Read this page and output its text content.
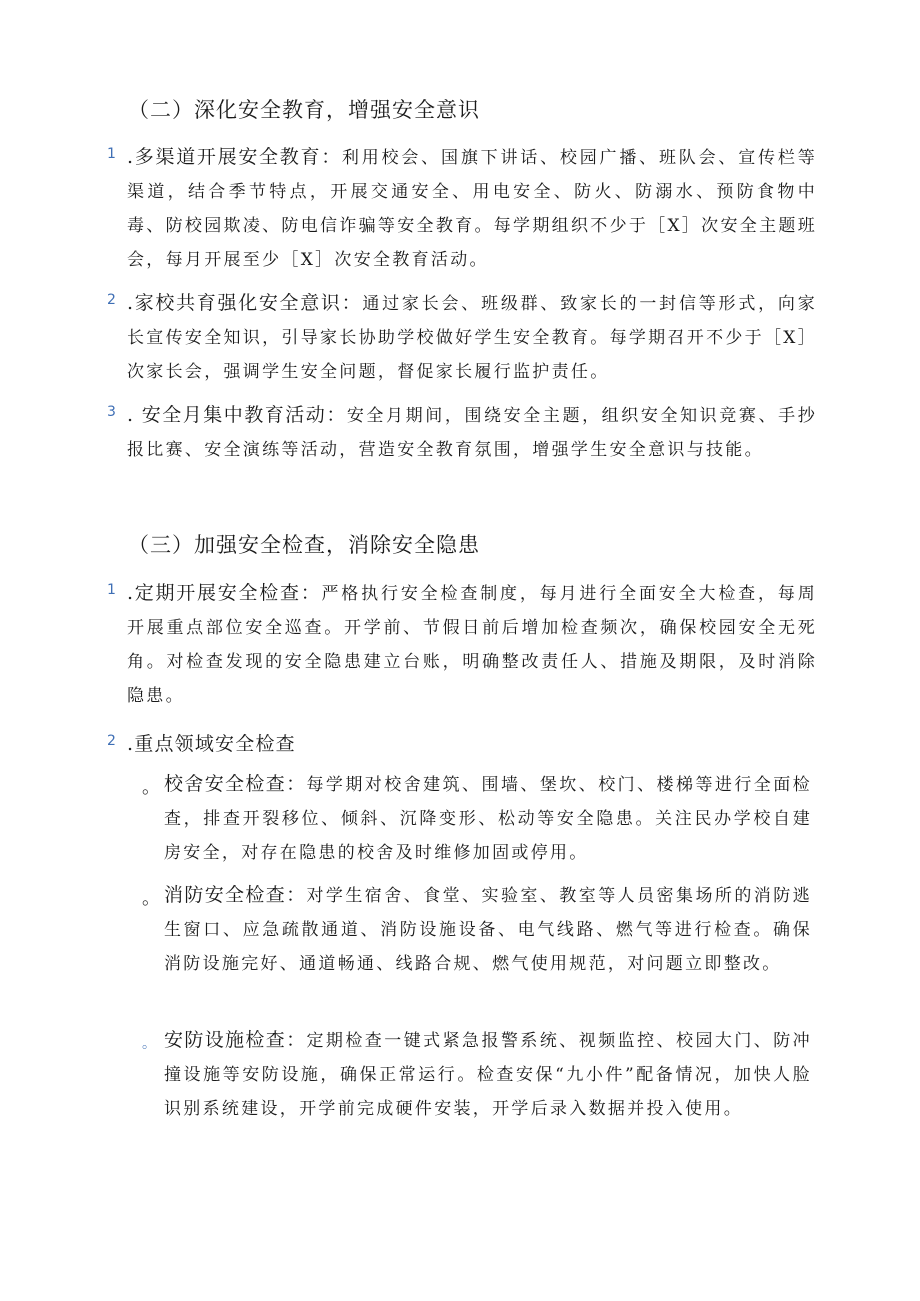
（二）深化安全教育，增强安全意识
1 .多渠道开展安全教育：利用校会、国旗下讲话、校园广播、班队会、宣传栏等渠道，结合季节特点，开展交通安全、用电安全、防火、防溺水、预防食物中毒、防校园欺凌、防电信诈骗等安全教育。每学期组织不少于［X］次安全主题班会，每月开展至少［X］次安全教育活动。
2 .家校共育强化安全意识：通过家长会、班级群、致家长的一封信等形式，向家长宣传安全知识，引导家长协助学校做好学生安全教育。每学期召开不少于［X］次家长会，强调学生安全问题，督促家长履行监护责任。
3 . 安全月集中教育活动：安全月期间，围绕安全主题，组织安全知识竞赛、手抄报比赛、安全演练等活动，营造安全教育氛围，增强学生安全意识与技能。
（三）加强安全检查，消除安全隐患
1 .定期开展安全检查：严格执行安全检查制度，每月进行全面安全大检查，每周开展重点部位安全巡查。开学前、节假日前后增加检查频次，确保校园安全无死角。对检查发现的安全隐患建立台账，明确整改责任人、措施及期限，及时消除隐患。
2 .重点领域安全检查
。 校舍安全检查：每学期对校舍建筑、围墙、堡坎、校门、楼梯等进行全面检查，排查开裂移位、倾斜、沉降变形、松动等安全隐患。关注民办学校自建房安全，对存在隐患的校舍及时维修加固或停用。
。 消防安全检查：对学生宿舍、食堂、实验室、教室等人员密集场所的消防逃生窗口、应急疏散通道、消防设施设备、电气线路、燃气等进行检查。确保消防设施完好、通道畅通、线路合规、燃气使用规范，对问题立即整改。
。 安防设施检查：定期检查一键式紧急报警系统、视频监控、校园大门、防冲撞设施等安防设施，确保正常运行。检查安保“九小件”配备情况，加快人脸识别系统建设，开学前完成硬件安装，开学后录入数据并投入使用。
